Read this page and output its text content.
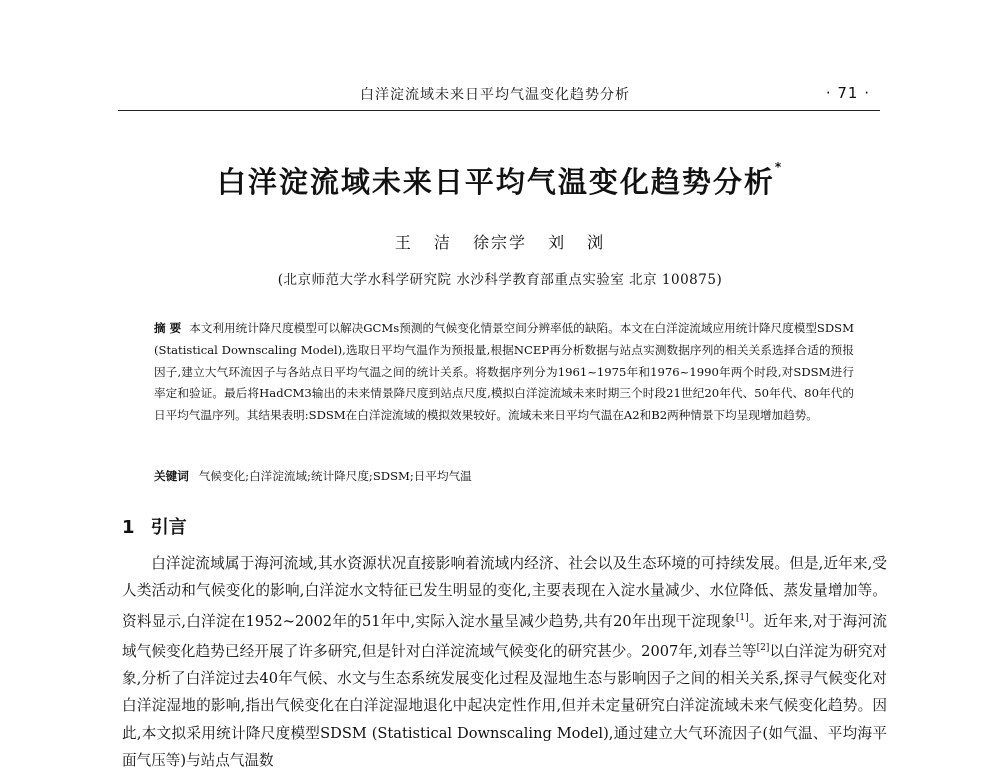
白洋淀流域未来日平均气温变化趋势分析	· 71 ·
白洋淀流域未来日平均气温变化趋势分析*
王 洁 徐宗学 刘 浏
(北京师范大学水科学研究院 水沙科学教育部重点实验室 北京 100875)
摘 要 本文利用统计降尺度模型可以解决GCMs预测的气候变化情景空间分辨率低的缺陷。本文在白洋淀流域应用统计降尺度模型SDSM (Statistical Downscaling Model),选取日平均气温作为预报量,根据NCEP再分析数据与站点实测数据序列的相关关系选择合适的预报因子,建立大气环流因子与各站点日平均气温之间的统计关系。将数据序列分为1961~1975年和1976~1990年两个时段,对SDSM进行率定和验证。最后将HadCM3输出的未来情景降尺度到站点尺度,模拟白洋淀流域未来时期三个时段21世纪20年代、50年代、80年代的日平均气温序列。其结果表明:SDSM在白洋淀流域的模拟效果较好。流域未来日平均气温在A2和B2两种情景下均呈现增加趋势。
关键词 气候变化;白洋淀流域;统计降尺度;SDSM;日平均气温
1 引言
白洋淀流域属于海河流域,其水资源状况直接影响着流域内经济、社会以及生态环境的可持续发展。但是,近年来,受人类活动和气候变化的影响,白洋淀水文特征已发生明显的变化,主要表现在入淀水量减少、水位降低、蒸发量增加等。资料显示,白洋淀在1952~2002年的51年中,实际入淀水量呈减少趋势,共有20年出现干淀现象[1]。近年来,对于海河流域气候变化趋势已经开展了许多研究,但是针对白洋淀流域气候变化的研究甚少。2007年,刘春兰等[2]以白洋淀为研究对象,分析了白洋淀过去40年气候、水文与生态系统发展变化过程及湿地生态与影响因子之间的相关关系,探寻气候变化对白洋淀湿地的影响,指出气候变化在白洋淀湿地退化中起决定性作用,但并未定量研究白洋淀流域未来气候变化趋势。因此,本文拟采用统计降尺度模型SDSM (Statistical Downscaling Model),通过建立大气环流因子(如气温、平均海平面气压等)与站点气温数
